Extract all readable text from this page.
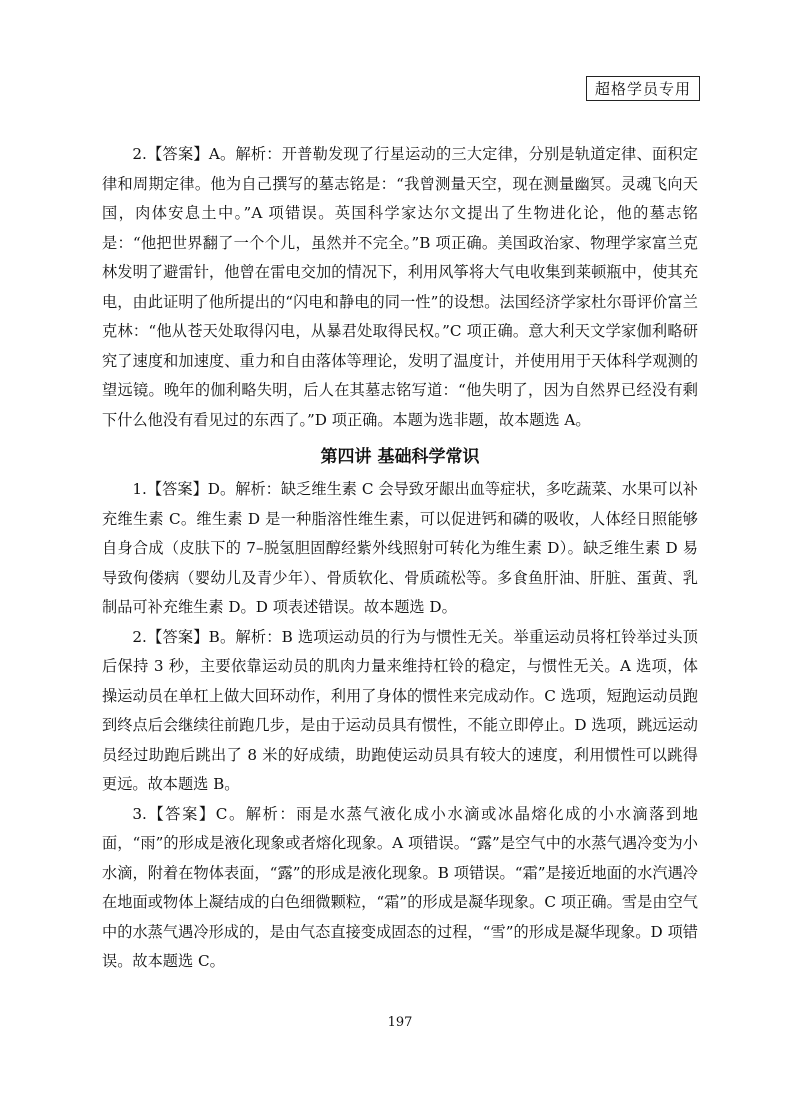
超格学员专用

2.【答案】A。解析：开普勒发现了行星运动的三大定律，分别是轨道定律、面积定律和周期定律。他为自己撰写的墓志铭是：“我曾测量天空，现在测量幽冥。灵魂飞向天国，肉体安息土中。”A 项错误。英国科学家达尔文提出了生物进化论，他的墓志铭是：“他把世界翻了一个个儿，虽然并不完全。”B 项正确。美国政治家、物理学家富兰克林发明了避雷针，他曾在雷电交加的情况下，利用风筝将大气电收集到莱顿瓶中，使其充电，由此证明了他所提出的“闪电和静电的同一性”的设想。法国经济学家杜尔哥评价富兰克林：“他从苍天处取得闪电，从暴君处取得民权。”C 项正确。意大利天文学家伽利略研究了速度和加速度、重力和自由落体等理论，发明了温度计，并使用用于天体科学观测的望远镜。晚年的伽利略失明，后人在其墓志铭写道：“他失明了，因为自然界已经没有剩下什么他没有看见过的东西了。”D 项正确。本题为选非题，故本题选 A。

第四讲 基础科学常识

1.【答案】D。解析：缺乏维生素 C 会导致牙龈出血等症状，多吃蔬菜、水果可以补充维生素 C。维生素 D 是一种脂溶性维生素，可以促进钙和磷的吸收，人体经日照能够自身合成（皮肤下的 7–脱氢胆固醇经紫外线照射可转化为维生素 D）。缺乏维生素 D 易导致佝偻病（婴幼儿及青少年）、骨质软化、骨质疏松等。多食鱼肝油、肝脏、蛋黄、乳制品可补充维生素 D。D 项表述错误。故本题选 D。

2.【答案】B。解析：B 选项运动员的行为与惯性无关。举重运动员将杠铃举过头顶后保持 3 秒，主要依靠运动员的肌肉力量来维持杠铃的稳定，与惯性无关。A 选项，体操运动员在单杠上做大回环动作，利用了身体的惯性来完成动作。C 选项，短跑运动员跑到终点后会继续往前跑几步，是由于运动员具有惯性，不能立即停止。D 选项，跳远运动员经过助跑后跳出了 8 米的好成绩，助跑使运动员具有较大的速度，利用惯性可以跳得更远。故本题选 B。

3.【答案】C。解析：雨是水蒸气液化成小水滴或冰晶熔化成的小水滴落到地面，“雨”的形成是液化现象或者熔化现象。A 项错误。“露”是空气中的水蒸气遇冷变为小水滴，附着在物体表面，“露”的形成是液化现象。B 项错误。“霜”是接近地面的水汽遇冷在地面或物体上凝结成的白色细微颗粒，“霜”的形成是凝华现象。C 项正确。雪是由空气中的水蒸气遇冷形成的，是由气态直接变成固态的过程，“雪”的形成是凝华现象。D 项错误。故本题选 C。

197
